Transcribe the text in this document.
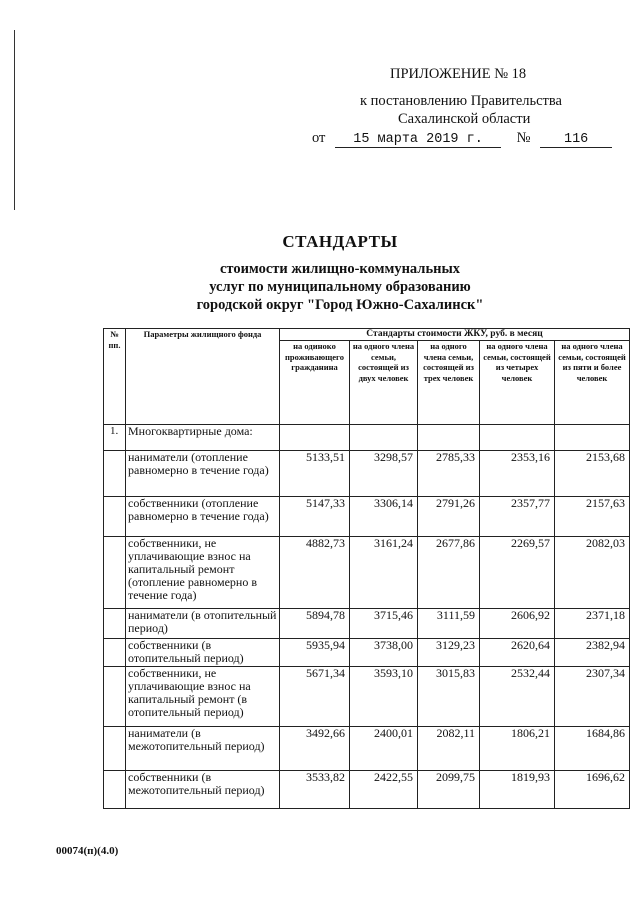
ПРИЛОЖЕНИЕ № 18
к постановлению Правительства
Сахалинской области
от 15 марта 2019 г. № 116
СТАНДАРТЫ
стоимости жилищно-коммунальных
услуг по муниципальному образованию
городской округ "Город Южно-Сахалинск"
№ пп.	Параметры жилищного фонда	Стандарты стоимости ЖКУ, руб. в месяц				
		на одиноко проживающего гражданина	на одного члена семьи, состоящей из двух человек	на одного члена семьи, состоящей из трех человек	на одного члена семьи, состоящей из четырех человек	на одного члена семьи, состоящей из пяти и более человек
1.	Многоквартирные дома:					
	наниматели (отопление равномерно в течение года)	5133,51	3298,57	2785,33	2353,16	2153,68
	собственники (отопление равномерно в течение года)	5147,33	3306,14	2791,26	2357,77	2157,63
	собственники, не уплачивающие взнос на капитальный ремонт (отопление равномерно в течение года)	4882,73	3161,24	2677,86	2269,57	2082,03
	наниматели (в отопительный период)	5894,78	3715,46	3111,59	2606,92	2371,18
	собственники (в отопительный период)	5935,94	3738,00	3129,23	2620,64	2382,94
	собственники, не уплачивающие взнос на капитальный ремонт (в отопительный период)	5671,34	3593,10	3015,83	2532,44	2307,34
	наниматели (в межотопительный период)	3492,66	2400,01	2082,11	1806,21	1684,86
	собственники (в межотопительный период)	3533,82	2422,55	2099,75	1819,93	1696,62
00074(п)(4.0)
